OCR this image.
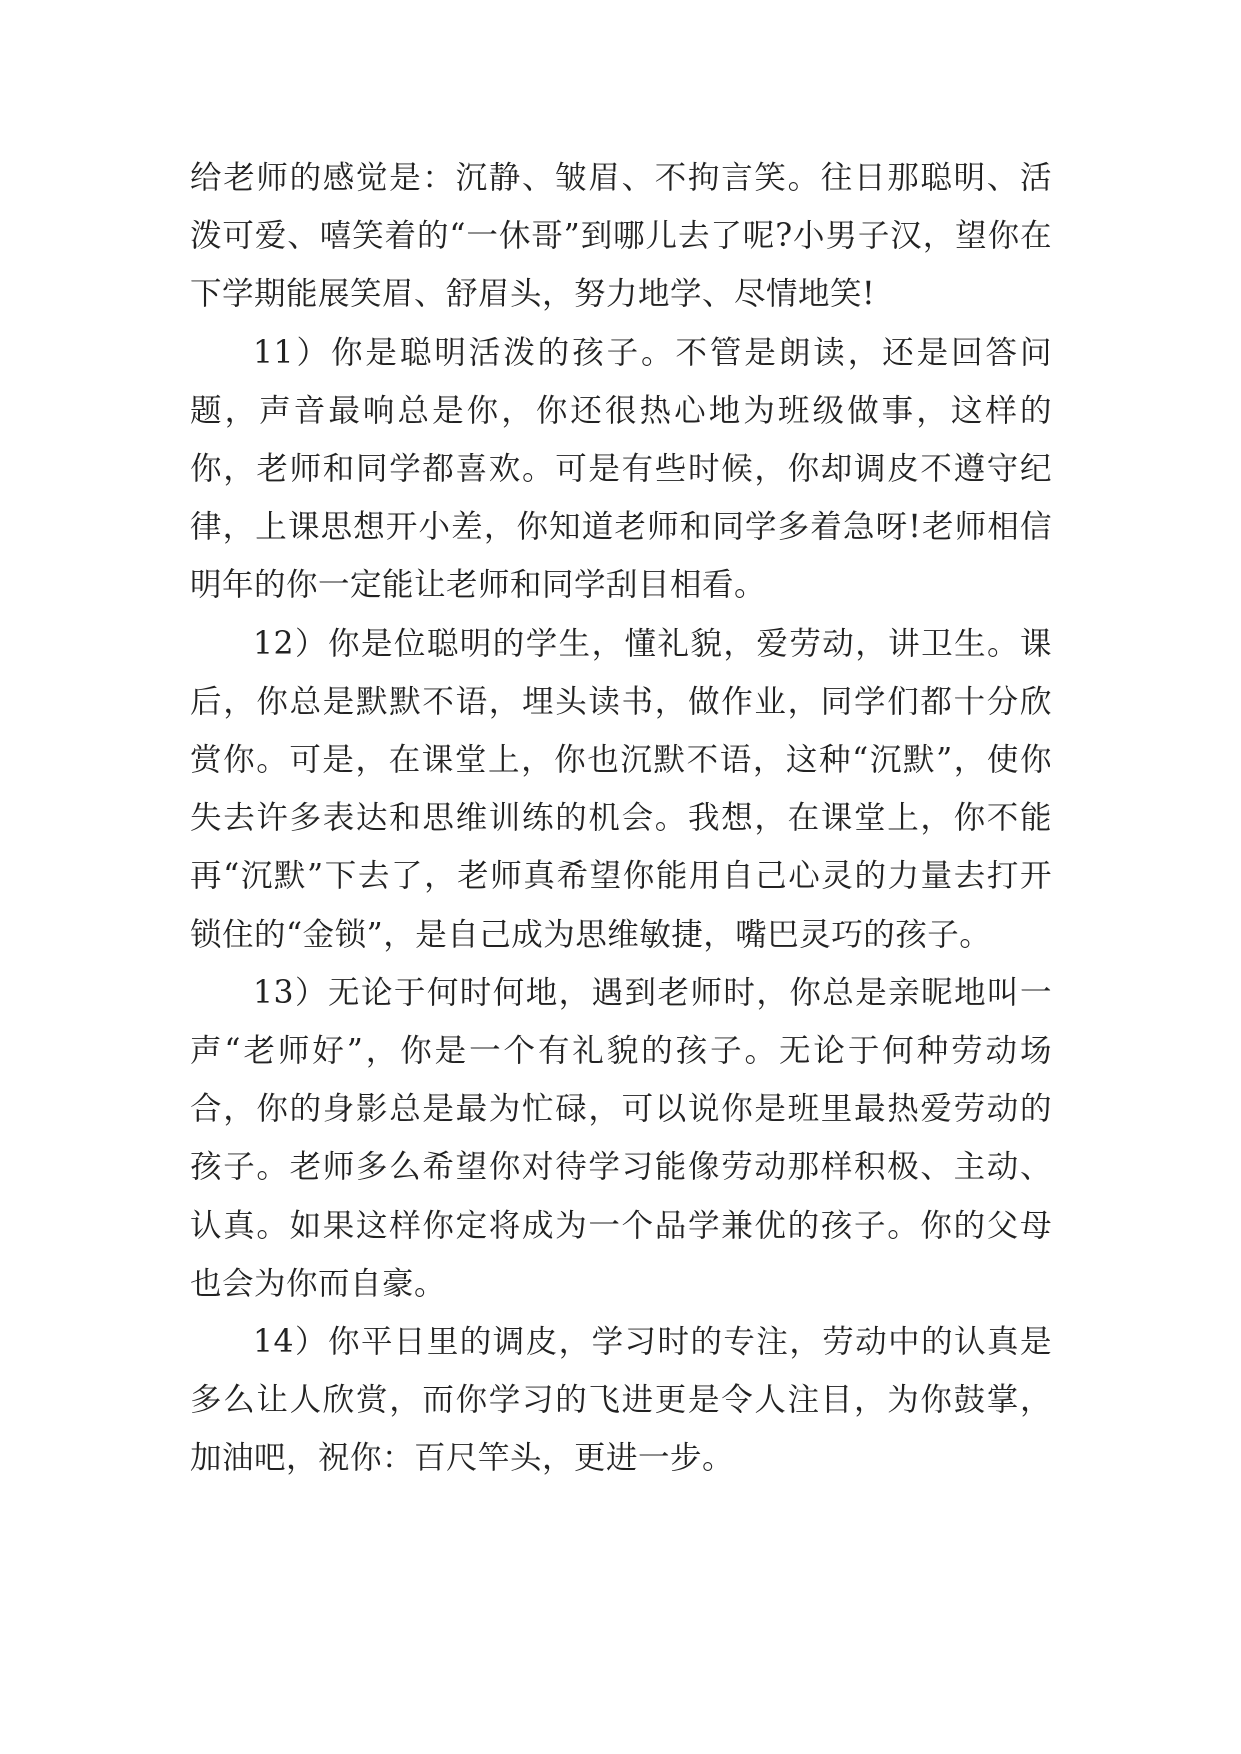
给老师的感觉是：沉静、皱眉、不拘言笑。往日那聪明、活泼可爱、嘻笑着的“一休哥”到哪儿去了呢?小男子汉，望你在下学期能展笑眉、舒眉头，努力地学、尽情地笑!

11）你是聪明活泼的孩子。不管是朗读，还是回答问题，声音最响总是你，你还很热心地为班级做事，这样的你，老师和同学都喜欢。可是有些时候，你却调皮不遵守纪律，上课思想开小差，你知道老师和同学多着急呀!老师相信明年的你一定能让老师和同学刮目相看。

12）你是位聪明的学生，懂礼貌，爱劳动，讲卫生。课后，你总是默默不语，埋头读书，做作业，同学们都十分欣赏你。可是，在课堂上，你也沉默不语，这种“沉默”，使你失去许多表达和思维训练的机会。我想，在课堂上，你不能再“沉默”下去了，老师真希望你能用自己心灵的力量去打开锁住的“金锁”，是自己成为思维敏捷，嘴巴灵巧的孩子。

13）无论于何时何地，遇到老师时，你总是亲昵地叫一声“老师好”，你是一个有礼貌的孩子。无论于何种劳动场合，你的身影总是最为忙碌，可以说你是班里最热爱劳动的孩子。老师多么希望你对待学习能像劳动那样积极、主动、认真。如果这样你定将成为一个品学兼优的孩子。你的父母也会为你而自豪。

14）你平日里的调皮，学习时的专注，劳动中的认真是多么让人欣赏，而你学习的飞进更是令人注目，为你鼓掌，加油吧，祝你：百尺竿头，更进一步。
